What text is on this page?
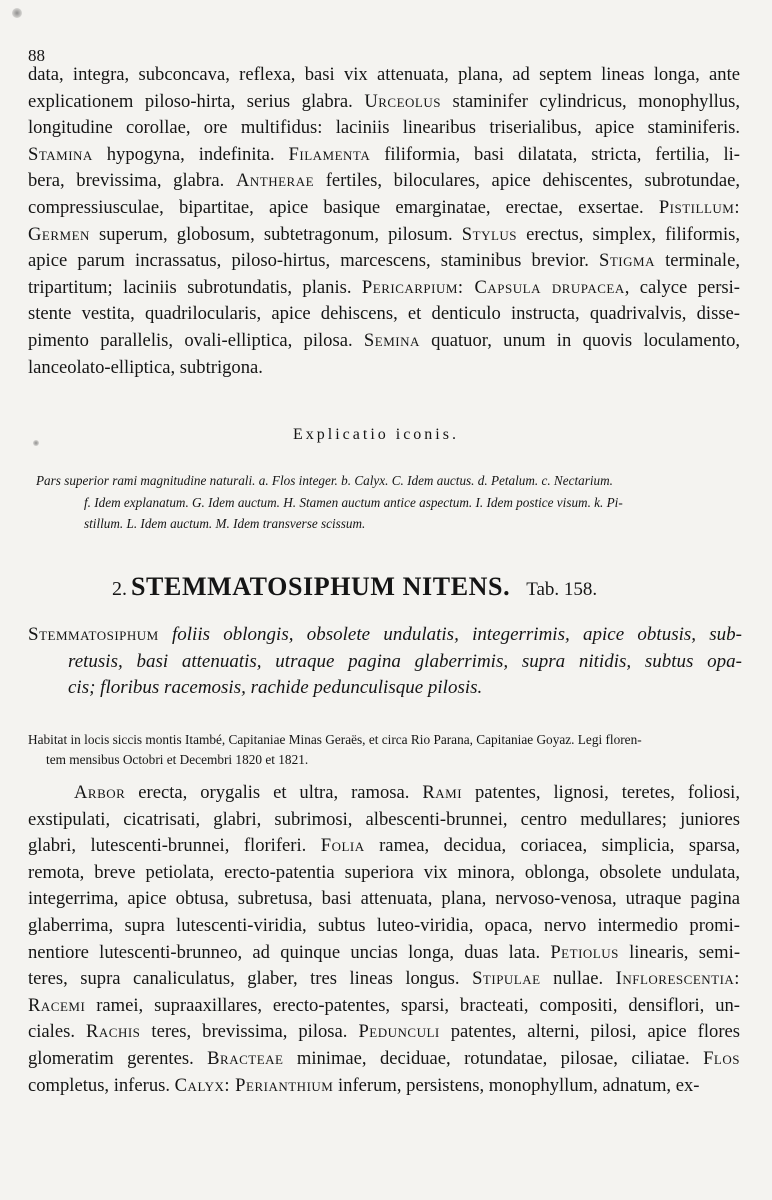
88
data, integra, subconcava, reflexa, basi vix attenuata, plana, ad septem lineas longa, ante
explicationem piloso-hirta, serius glabra. Urceolus staminifer cylindricus, monophyllus,
longitudine corollae, ore multifidus: laciniis linearibus triserialibus, apice staminiferis.
Stamina hypogyna, indefinita. Filamenta filiformia, basi dilatata, stricta, fertilia, li-
bera, brevissima, glabra. Antherae fertiles, biloculares, apice dehiscentes, subrotundae,
compressiusculae, bipartitae, apice basique emarginatae, erectae, exsertae. Pistillum:
Germen superum, globosum, subtetragonum, pilosum. Stylus erectus, simplex, filiformis,
apice parum incrassatus, piloso-hirtus, marcescens, staminibus brevior. Stigma terminale,
tripartitum; laciniis subrotundatis, planis. Pericarpium: Capsula drupacea, calyce persi-
stente vestita, quadrilocularis, apice dehiscens, et denticulo instructa, quadrivalvis, disse-
pimento parallelis, ovali-elliptica, pilosa. Semina quatuor, unum in quovis loculamento,
lanceolato-elliptica, subtrigona.
Explicatio iconis.
Pars superior rami magnitudine naturali. a. Flos integer. b. Calyx. C. Idem auctus. d. Petalum. c. Nectarium.
f. Idem explanatum. G. Idem auctum. H. Stamen auctum antice aspectum. I. Idem postice visum. k. Pi-
stillum. L. Idem auctum. M. Idem transverse scissum.
2. STEMMATOSIPHUM NITENS. Tab. 158.
Stemmatosiphum foliis oblongis, obsolete undulatis, integerrimis, apice obtusis, sub-
retusis, basi attenuatis, utraque pagina glaberrimis, supra nitidis, subtus opa-
cis; floribus racemosis, rachide pedunculisque pilosis.
Habitat in locis siccis montis Itambé, Capitaniae Minas Geraës, et circa Rio Parana, Capitaniae Goyaz. Legi floren-
tem mensibus Octobri et Decembri 1820 et 1821.
Arbor erecta, orygalis et ultra, ramosa. Rami patentes, lignosi, teretes, foliosi,
exstipulati, cicatrisati, glabri, subrimosi, albescenti-brunnei, centro medullares; juniores
glabri, lutescenti-brunnei, floriferi. Folia ramea, decidua, coriacea, simplicia, sparsa,
remota, breve petiolata, erecto-patentia superiora vix minora, oblonga, obsolete undulata,
integerrima, apice obtusa, subretusa, basi attenuata, plana, nervoso-venosa, utraque pagina
glaberrima, supra lutescenti-viridia, subtus luteo-viridia, opaca, nervo intermedio promi-
nentiore lutescenti-brunneo, ad quinque uncias longa, duas lata. Petiolus linearis, semi-
teres, supra canaliculatus, glaber, tres lineas longus. Stipulae nullae. Inflorescentia:
Racemi ramei, supraaxillares, erecto-patentes, sparsi, bracteati, compositi, densiflori, un-
ciales. Rachis teres, brevissima, pilosa. Pedunculi patentes, alterni, pilosi, apice flores
glomeratim gerentes. Bracteae minimae, deciduae, rotundatae, pilosae, ciliatae. Flos
completus, inferus. Calyx: Perianthium inferum, persistens, monophyllum, adnatum, ex-
